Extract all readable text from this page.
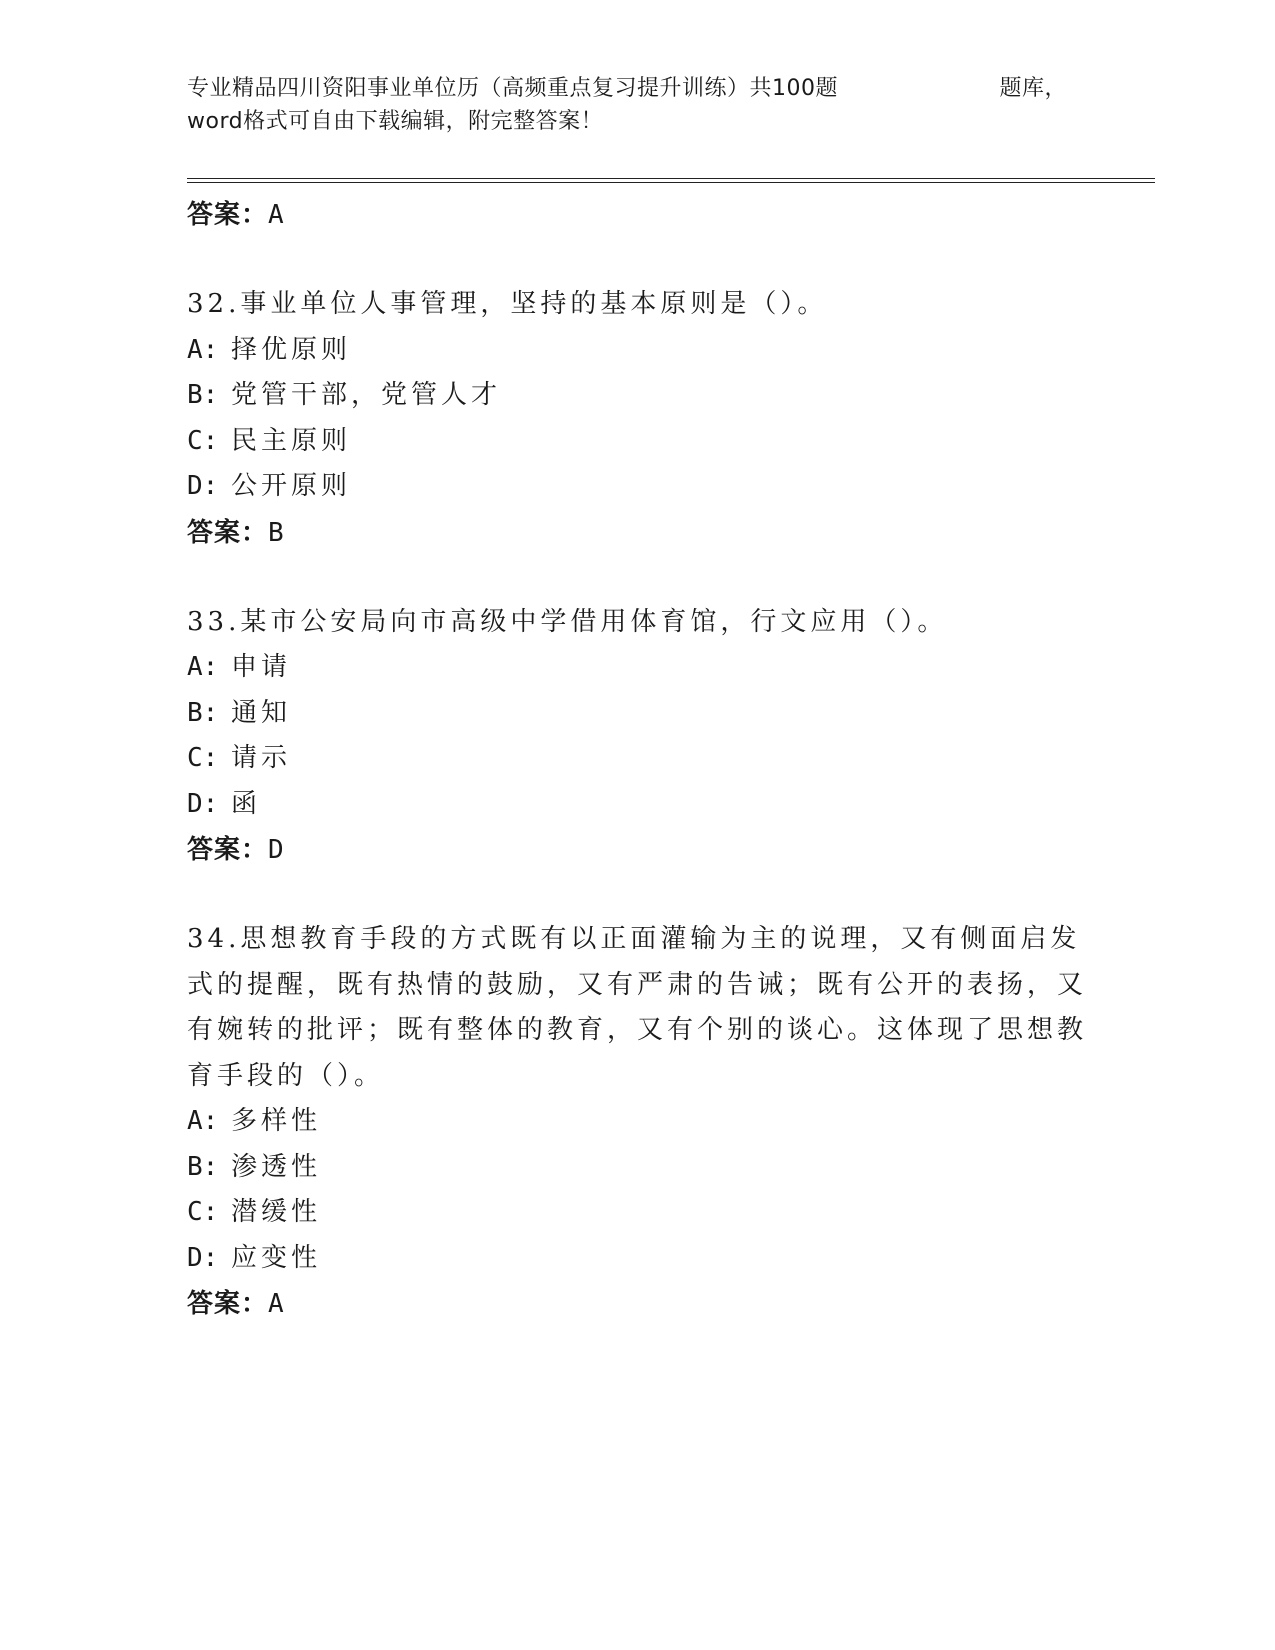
专业精品四川资阳事业单位历（高频重点复习提升训练）共100题	题库，
word格式可自由下载编辑，附完整答案！
答案：A
32.事业单位人事管理，坚持的基本原则是（）。
A: 择优原则
B: 党管干部，党管人才
C: 民主原则
D: 公开原则
答案：B
33.某市公安局向市高级中学借用体育馆，行文应用（）。
A: 申请
B: 通知
C: 请示
D: 函
答案：D
34.思想教育手段的方式既有以正面灌输为主的说理，又有侧面启发式的提醒，既有热情的鼓励，又有严肃的告诫；既有公开的表扬，又有婉转的批评；既有整体的教育，又有个别的谈心。这体现了思想教育手段的（）。
A: 多样性
B: 渗透性
C: 潜缓性
D: 应变性
答案：A
